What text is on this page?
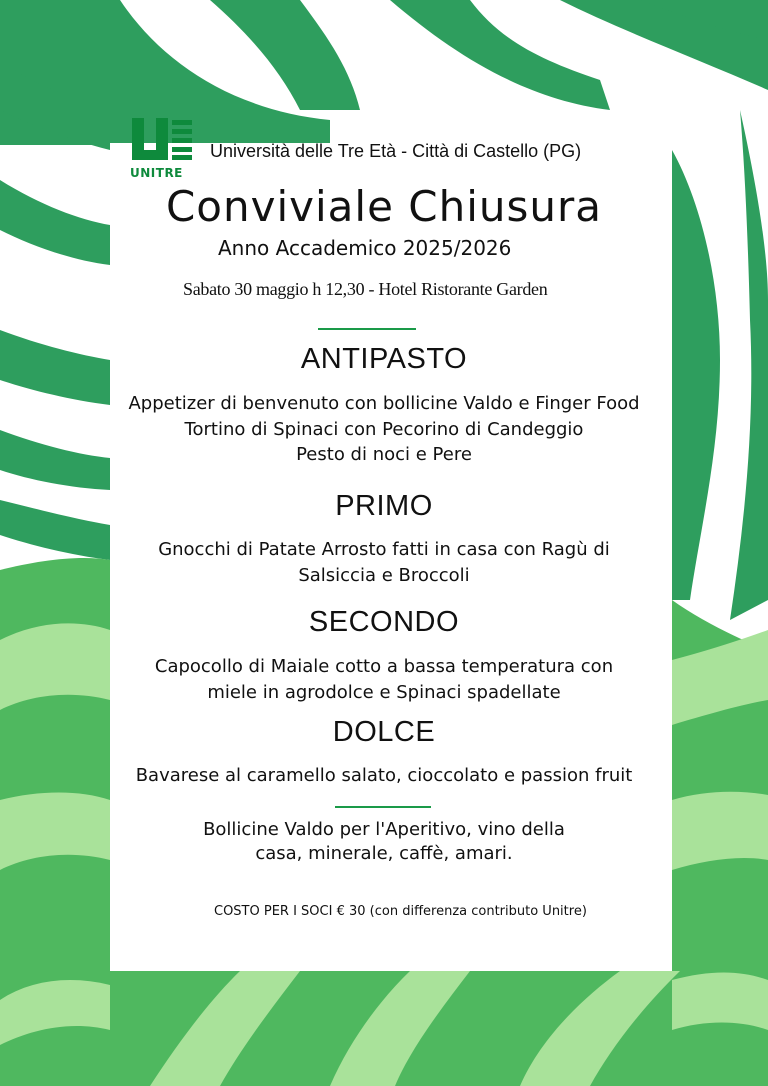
UNITRE
Università delle Tre Età - Città di Castello (PG)
Conviviale Chiusura
Anno Accademico 2025/2026
Sabato 30 maggio h 12,30 - Hotel Ristorante Garden
ANTIPASTO
Appetizer di benvenuto con bollicine Valdo e Finger Food
Tortino di Spinaci con Pecorino di Candeggio
Pesto di noci e Pere
PRIMO
Gnocchi di Patate Arrosto fatti in casa con Ragù di
Salsiccia e Broccoli
SECONDO
Capocollo di Maiale cotto a bassa temperatura con
miele in agrodolce e Spinaci spadellate
DOLCE
Bavarese al caramello salato, cioccolato e passion fruit
Bollicine Valdo per l'Aperitivo, vino della
casa, minerale, caffè, amari.
COSTO PER I SOCI € 30 (con differenza contributo Unitre)
